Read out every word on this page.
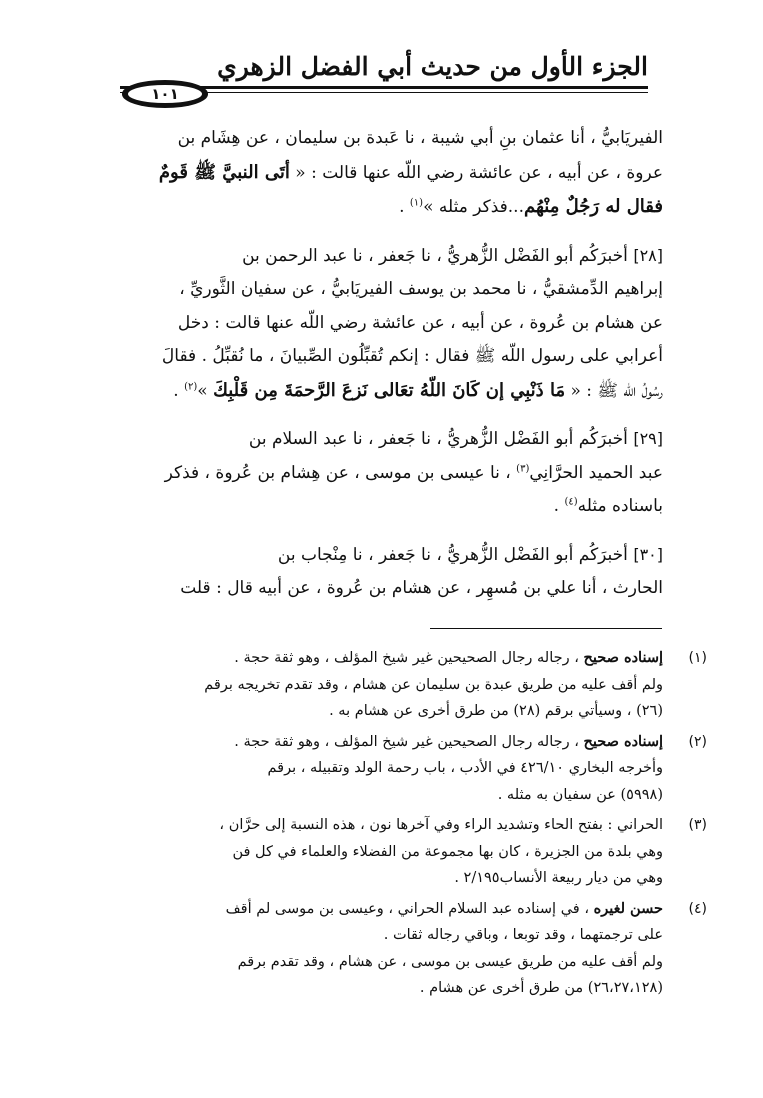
الجزء الأول من حديث أبي الفضل الزهري
١٠١

الفيريَابيُّ ، أنا عثمان بنِ أبي شيبة ، نا عَبدة بن سليمان ، عن هِشَام بن
عروة ، عن أبيه ، عن عائشة رضي اللّه عنها قالت : « أتَى النبيَّ ﷺ قَومٌ
فقال له رَجُلٌ مِنْهُم...فذكر مثله »$^{(١)}$ .

[٢٨] أخبرَكُم أبو الفَضْل الزُّهريُّ ، نا جَعفر ، نا عبد الرحمن بن
إبراهيم الدِّمشقيُّ ، نا محمد بن يوسف الفيريَابيُّ ، عن سفيان الثَّوريِّ ،
عن هشام بن عُروة ، عن أبيه ، عن عائشة رضي اللّه عنها قالت : دخل
أعرابي على رسول اللّه ﷺ فقال : إنكم تُقبِّلُون الصِّبيانَ ، ما نُقبِّلُ . فقالَ
رسُولُ اللّه ﷺ : « مَا ذَنْبِي إن كَانَ اللّهُ تعَالى نَزعَ الرَّحمَةَ مِن قَلْبِكَ »$^{(٢)}$ .

[٢٩] أخبرَكُم أبو الفَضْل الزُّهريُّ ، نا جَعفر ، نا عبد السلام بن
عبد الحميد الحرَّانِي$^{(٣)}$ ، نا عيسى بن موسى ، عن هِشام بن عُروة ، فذكر
باسناده مثله$^{(٤)}$ .

[٣٠] أخبرَكُم أبو الفَضْل الزُّهريُّ ، نا جَعفر ، نا مِنْجاب بن
الحارث ، أنا علي بن مُسهِر ، عن هشام بن عُروة ، عن أبيه قال : قلت

(١)

إسناده صحيح ، رجاله رجال الصحيحين غير شيخ المؤلف ، وهو ثقة حجة .

ولم أقف عليه من طريق عبدة بن سليمان عن هشام ، وقد تقدم تخريجه برقم

(٢٦) ، وسيأتي برقم (٢٨) من طرق أخرى عن هشام به .

(٢)

إسناده صحيح ، رجاله رجال الصحيحين غير شيخ المؤلف ، وهو ثقة حجة .

وأخرجه البخاري ٤٢٦/١٠ في الأدب ، باب رحمة الولد وتقبيله ، برقم

(٥٩٩٨) عن سفيان به مثله .

(٣)

الحراني : بفتح الحاء وتشديد الراء وفي آخرها نون ، هذه النسبة إلى حرَّان ،

وهي بلدة من الجزيرة ، كان بها مجموعة من الفضلاء والعلماء في كل فن

وهي من ديار ربيعة الأنساب٢/١٩٥ .

(٤)

حسن لغيره ، في إسناده عبد السلام الحراني ، وعيسى بن موسى لم أقف

على ترجمتهما ، وقد توبعا ، وباقي رجاله ثقات .

ولم أقف عليه من طريق عيسى بن موسى ، عن هشام ، وقد تقدم برقم

(٢٦،٢٧،١٢٨) من طرق أخرى عن هشام .
